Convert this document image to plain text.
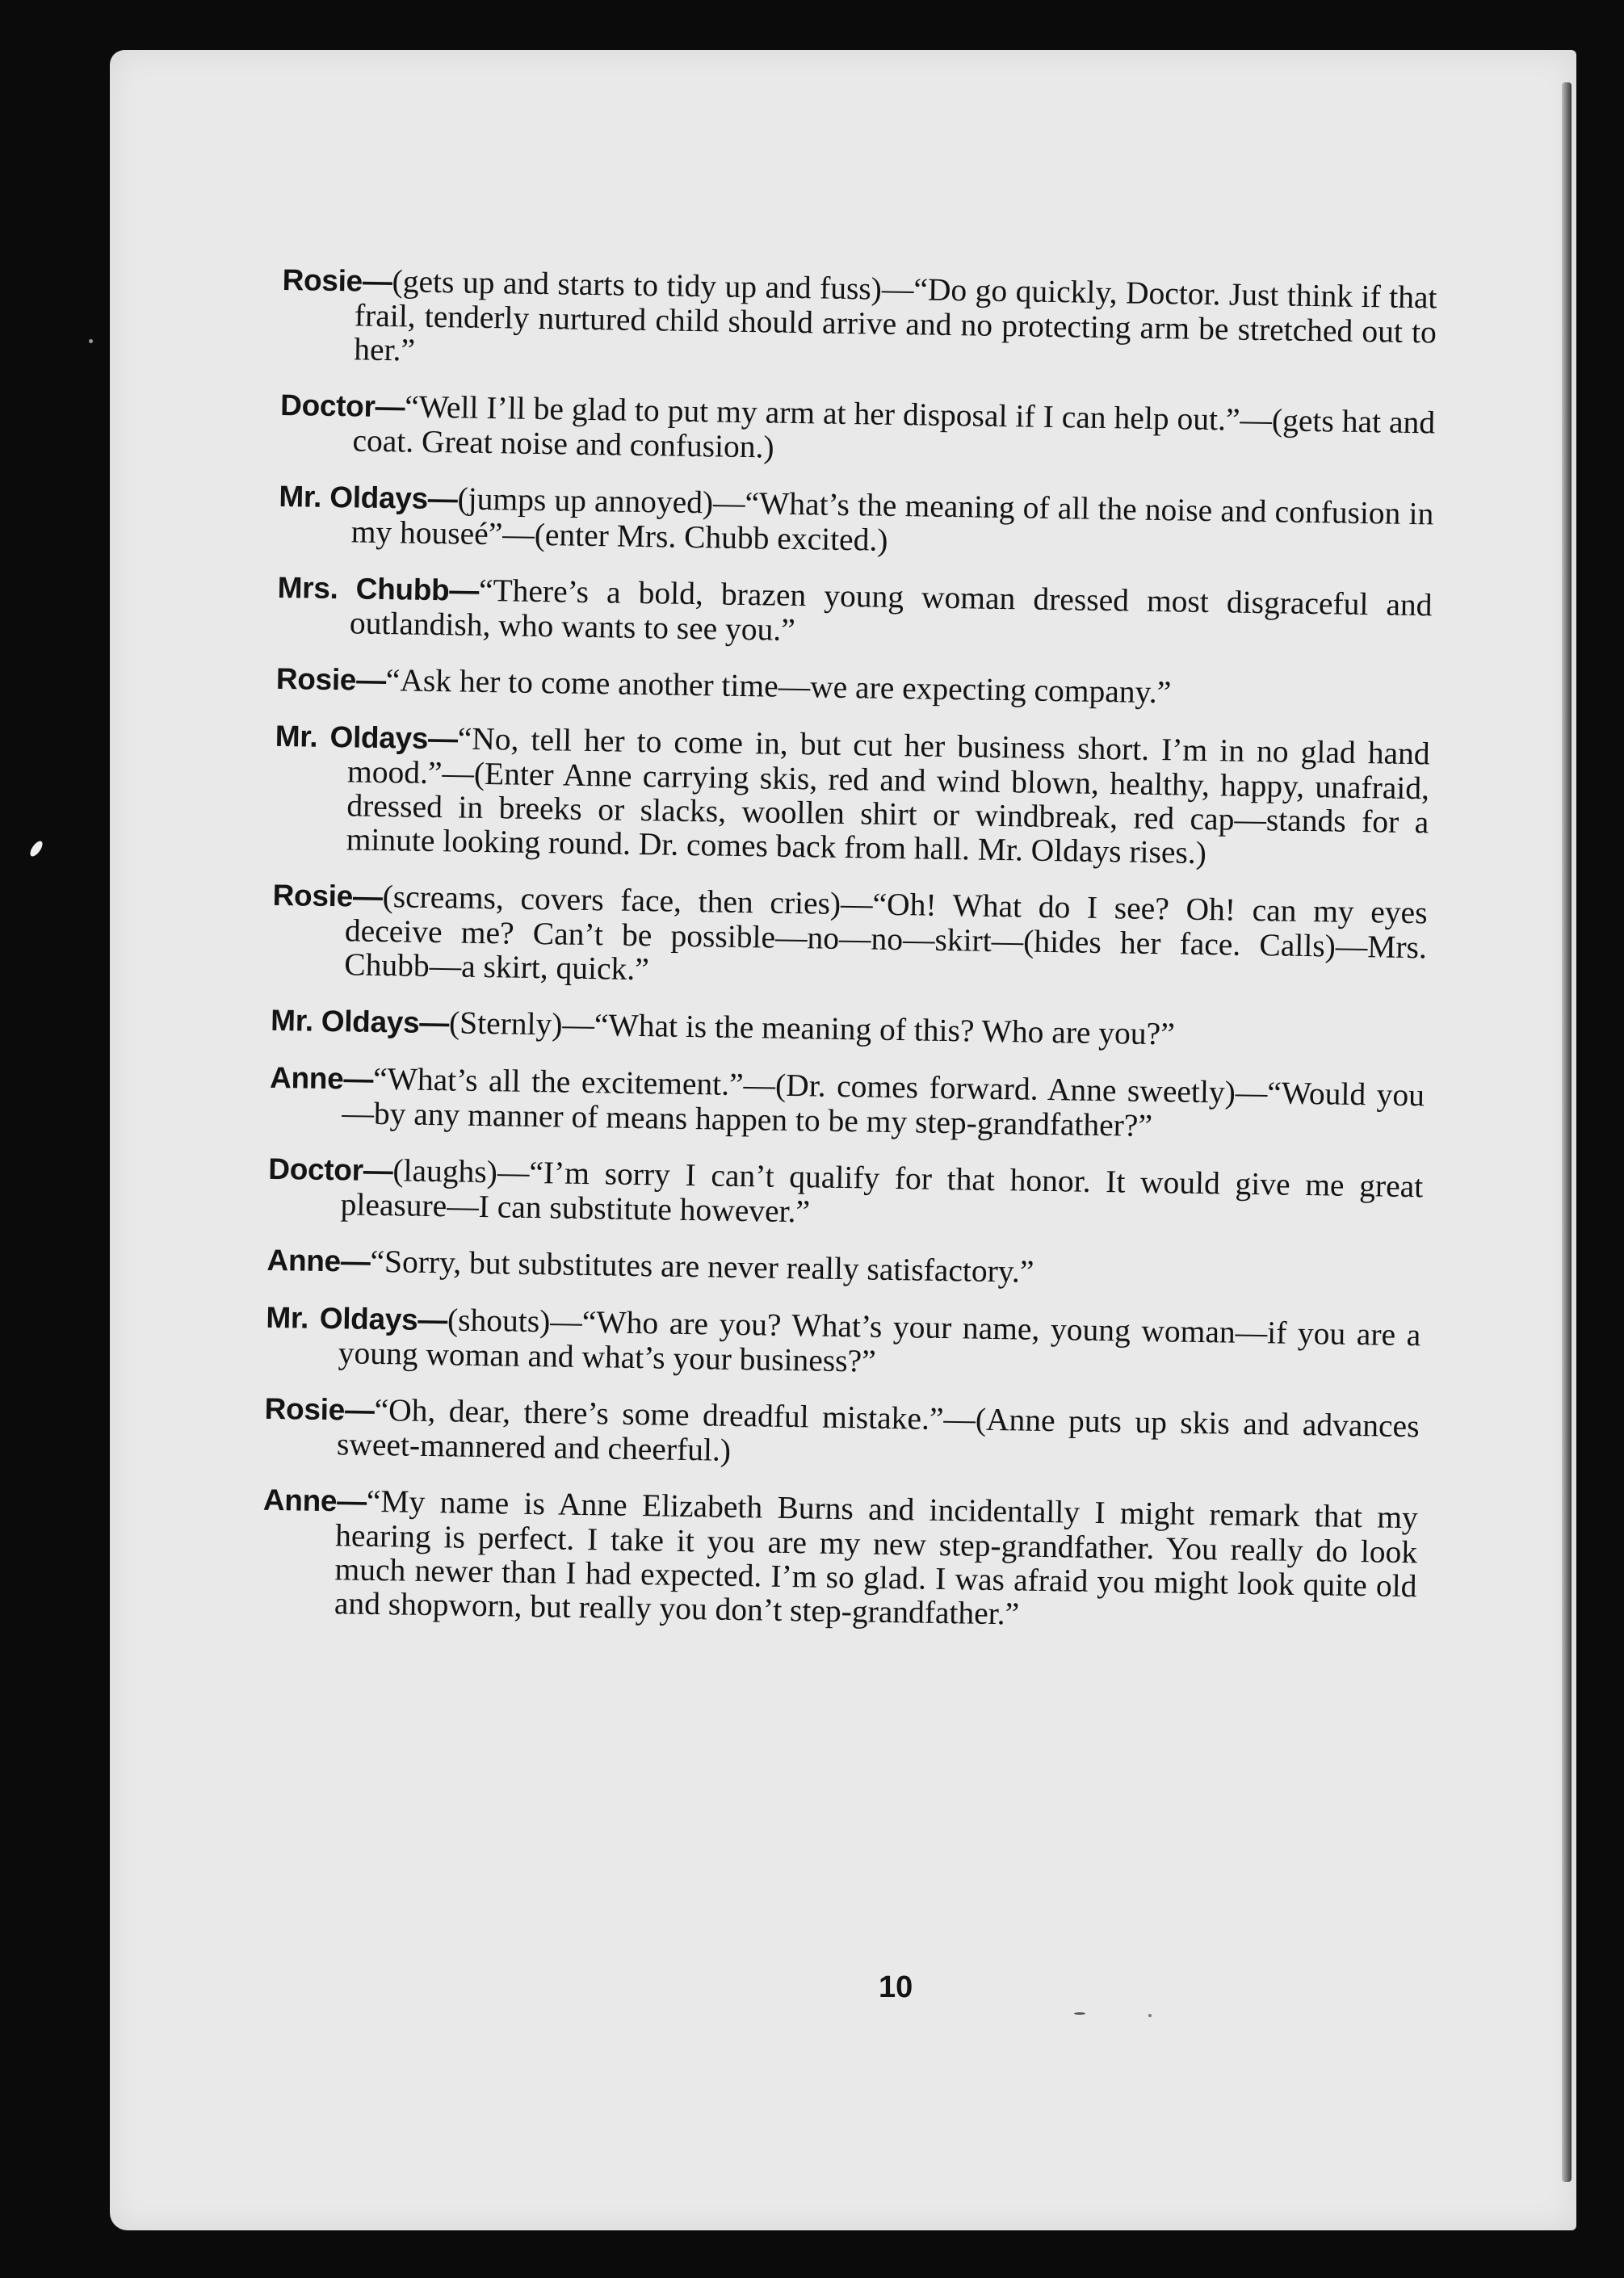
Rosie—(gets up and starts to tidy up and fuss)—“Do go quickly, Doctor. Just think if that frail, tenderly nurtured child should arrive and no protecting arm be stretched out to her.”

Doctor—“Well I’ll be glad to put my arm at her disposal if I can help out.”—(gets hat and coat. Great noise and confusion.)

Mr. Oldays—(jumps up annoyed)—“What’s the meaning of all the noise and confusion in my houseé”—(enter Mrs. Chubb excited.)

Mrs. Chubb—“There’s a bold, brazen young woman dressed most disgraceful and outlandish, who wants to see you.”

Rosie—“Ask her to come another time—we are expecting company.”

Mr. Oldays—“No, tell her to come in, but cut her business short. I’m in no glad hand mood.”—(Enter Anne carrying skis, red and wind blown, healthy, happy, unafraid, dressed in breeks or slacks, woollen shirt or windbreak, red cap—stands for a minute looking round. Dr. comes back from hall. Mr. Oldays rises.)

Rosie—(screams, covers face, then cries)—“Oh! What do I see? Oh! can my eyes deceive me? Can’t be possible—no—no—skirt—(hides her face. Calls)—Mrs. Chubb—a skirt, quick.”

Mr. Oldays—(Sternly)—“What is the meaning of this? Who are you?”

Anne—“What’s all the excitement.”—(Dr. comes forward. Anne sweetly)—“Would you—by any manner of means happen to be my step-grandfather?”

Doctor—(laughs)—“I’m sorry I can’t qualify for that honor. It would give me great pleasure—I can substitute however.”

Anne—“Sorry, but substitutes are never really satisfactory.”

Mr. Oldays—(shouts)—“Who are you? What’s your name, young woman—if you are a young woman and what’s your business?”

Rosie—“Oh, dear, there’s some dreadful mistake.”—(Anne puts up skis and advances sweet-mannered and cheerful.)

Anne—“My name is Anne Elizabeth Burns and incidentally I might remark that my hearing is perfect. I take it you are my new step-grandfather. You really do look much newer than I had expected. I’m so glad. I was afraid you might look quite old and shopworn, but really you don’t step-grandfather.”

10
